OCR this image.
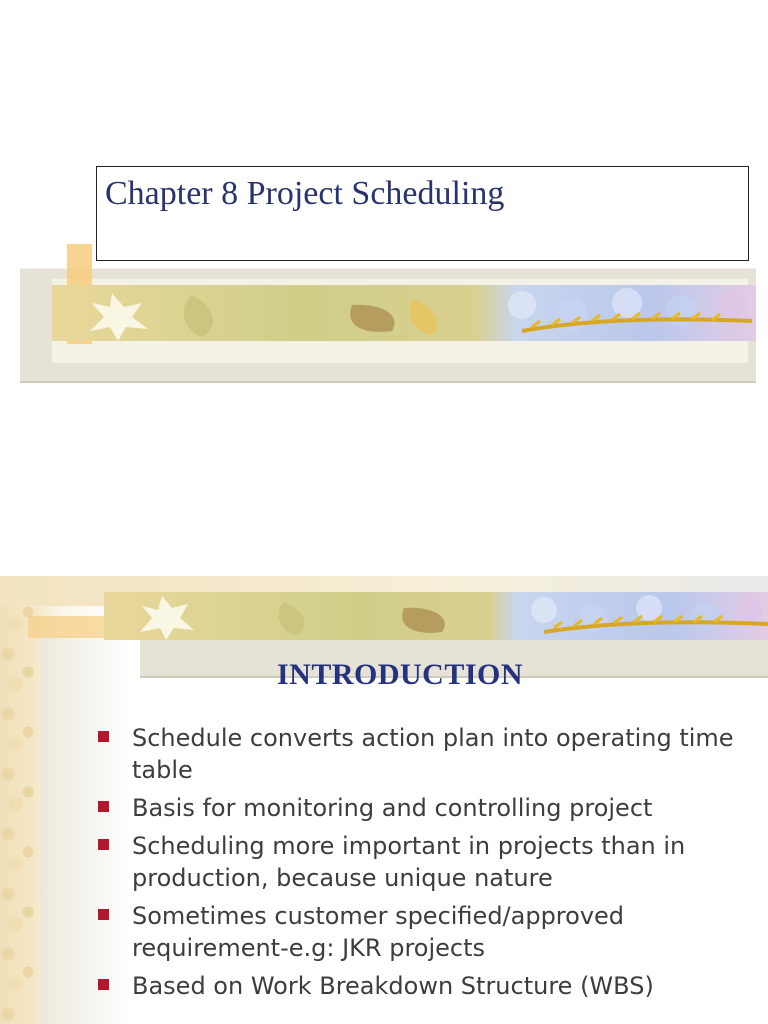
Chapter 8 Project Scheduling
INTRODUCTION
Schedule converts action plan into operating time table
Basis for monitoring and controlling project
Scheduling more important in projects than in production, because unique nature
Sometimes customer specified/approved requirement-e.g: JKR projects
Based on Work Breakdown Structure (WBS)
